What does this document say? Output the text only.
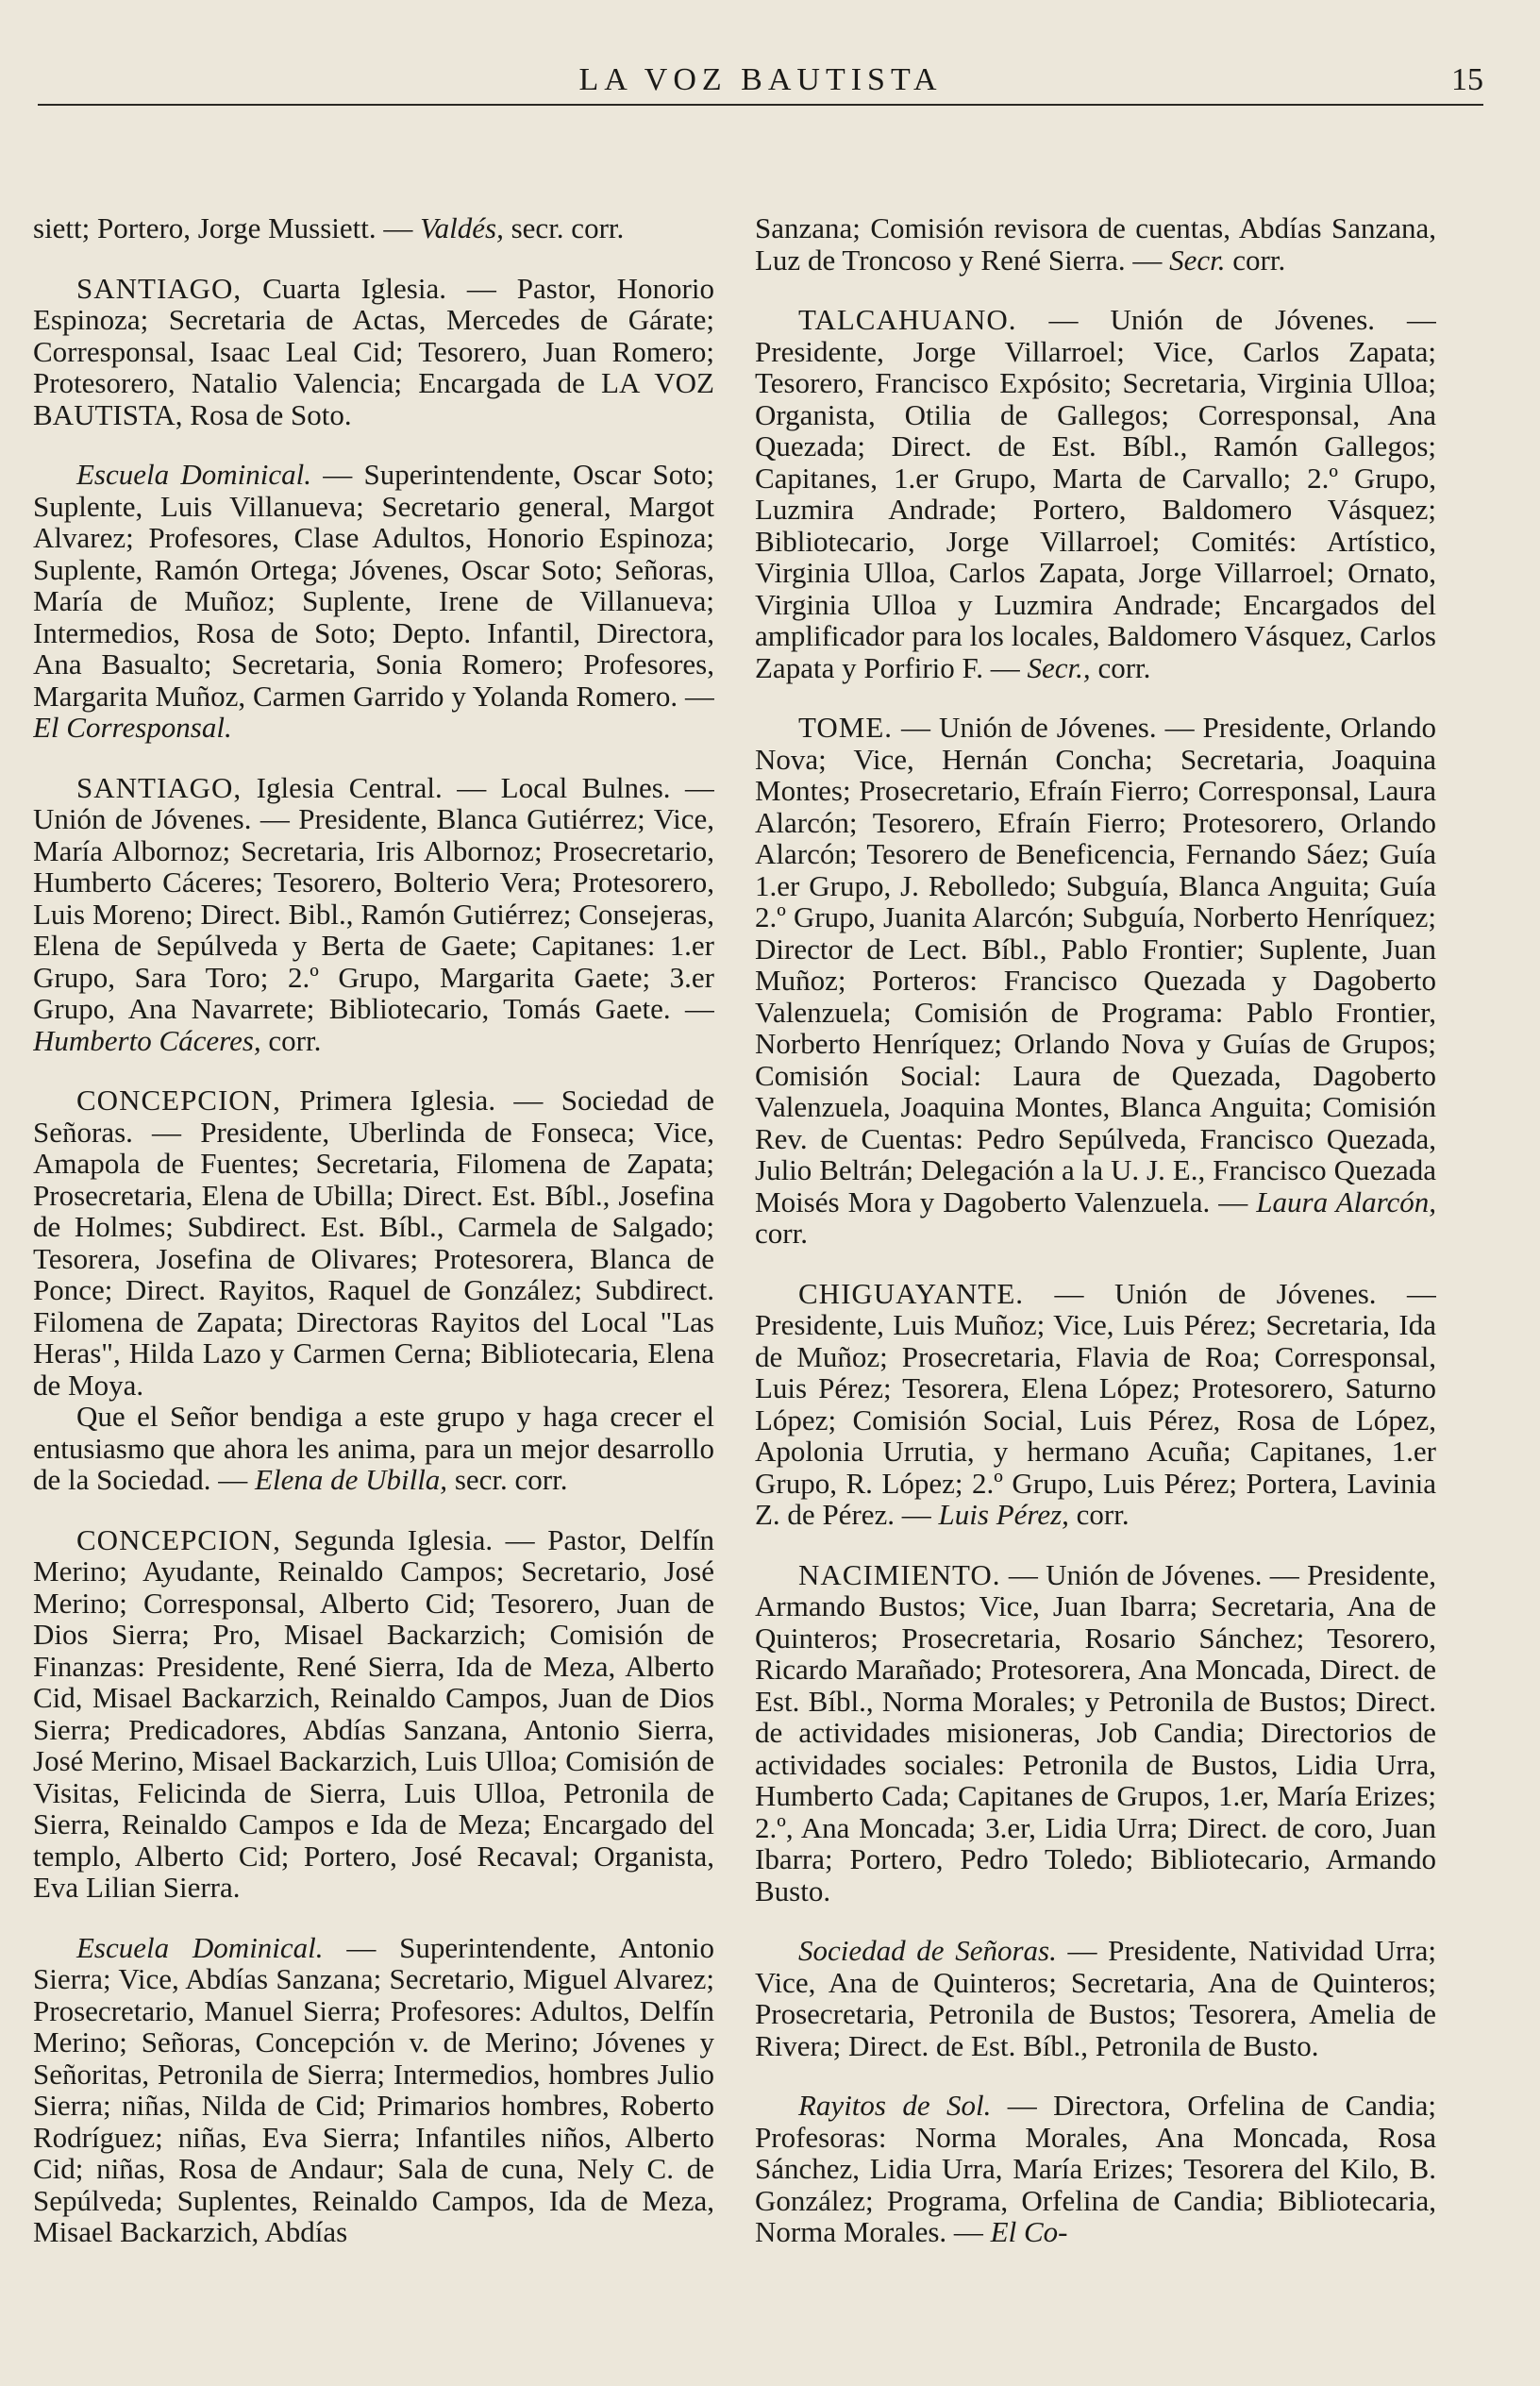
LA VOZ BAUTISTA	15

siett; Portero, Jorge Mussiett. — Valdés, secr. corr.

SANTIAGO, Cuarta Iglesia. — Pastor, Honorio Espinoza; Secretaria de Actas, Mercedes de Gárate; Corresponsal, Isaac Leal Cid; Tesorero, Juan Romero; Protesorero, Natalio Valencia; Encargada de LA VOZ BAUTISTA, Rosa de Soto.

Escuela Dominical. — Superintendente, Oscar Soto; Suplente, Luis Villanueva; Secretario general, Margot Alvarez; Profesores, Clase Adultos, Honorio Espinoza; Suplente, Ramón Ortega; Jóvenes, Oscar Soto; Señoras, María de Muñoz; Suplente, Irene de Villanueva; Intermedios, Rosa de Soto; Depto. Infantil, Directora, Ana Basualto; Secretaria, Sonia Romero; Profesores, Margarita Muñoz, Carmen Garrido y Yolanda Romero. — El Corresponsal.

SANTIAGO, Iglesia Central. — Local Bulnes. — Unión de Jóvenes. — Presidente, Blanca Gutiérrez; Vice, María Albornoz; Secretaria, Iris Albornoz; Prosecretario, Humberto Cáceres; Tesorero, Bolterio Vera; Protesorero, Luis Moreno; Direct. Bibl., Ramón Gutiérrez; Consejeras, Elena de Sepúlveda y Berta de Gaete; Capitanes: 1.er Grupo, Sara Toro; 2.º Grupo, Margarita Gaete; 3.er Grupo, Ana Navarrete; Bibliotecario, Tomás Gaete. — Humberto Cáceres, corr.

CONCEPCION, Primera Iglesia. — Sociedad de Señoras. — Presidente, Uberlinda de Fonseca; Vice, Amapola de Fuentes; Secretaria, Filomena de Zapata; Prosecretaria, Elena de Ubilla; Direct. Est. Bíbl., Josefina de Holmes; Subdirect. Est. Bíbl., Carmela de Salgado; Tesorera, Josefina de Olivares; Protesorera, Blanca de Ponce; Direct. Rayitos, Raquel de González; Subdirect. Filomena de Zapata; Directoras Rayitos del Local "Las Heras", Hilda Lazo y Carmen Cerna; Bibliotecaria, Elena de Moya.

Que el Señor bendiga a este grupo y haga crecer el entusiasmo que ahora les anima, para un mejor desarrollo de la Sociedad. — Elena de Ubilla, secr. corr.

CONCEPCION, Segunda Iglesia. — Pastor, Delfín Merino; Ayudante, Reinaldo Campos; Secretario, José Merino; Corresponsal, Alberto Cid; Tesorero, Juan de Dios Sierra; Pro, Misael Backarzich; Comisión de Finanzas: Presidente, René Sierra, Ida de Meza, Alberto Cid, Misael Backarzich, Reinaldo Campos, Juan de Dios Sierra; Predicadores, Abdías Sanzana, Antonio Sierra, José Merino, Misael Backarzich, Luis Ulloa; Comisión de Visitas, Felicinda de Sierra, Luis Ulloa, Petronila de Sierra, Reinaldo Campos e Ida de Meza; Encargado del templo, Alberto Cid; Portero, José Recaval; Organista, Eva Lilian Sierra.

Escuela Dominical. — Superintendente, Antonio Sierra; Vice, Abdías Sanzana; Secretario, Miguel Alvarez; Prosecretario, Manuel Sierra; Profesores: Adultos, Delfín Merino; Señoras, Concepción v. de Merino; Jóvenes y Señoritas, Petronila de Sierra; Intermedios, hombres Julio Sierra; niñas, Nilda de Cid; Primarios hombres, Roberto Rodríguez; niñas, Eva Sierra; Infantiles niños, Alberto Cid; niñas, Rosa de Andaur; Sala de cuna, Nely C. de Sepúlveda; Suplentes, Reinaldo Campos, Ida de Meza, Misael Backarzich, Abdías

Sanzana; Comisión revisora de cuentas, Abdías Sanzana, Luz de Troncoso y René Sierra. — Secr. corr.

TALCAHUANO. — Unión de Jóvenes. — Presidente, Jorge Villarroel; Vice, Carlos Zapata; Tesorero, Francisco Expósito; Secretaria, Virginia Ulloa; Organista, Otilia de Gallegos; Corresponsal, Ana Quezada; Direct. de Est. Bíbl., Ramón Gallegos; Capitanes, 1.er Grupo, Marta de Carvallo; 2.º Grupo, Luzmira Andrade; Portero, Baldomero Vásquez; Bibliotecario, Jorge Villarroel; Comités: Artístico, Virginia Ulloa, Carlos Zapata, Jorge Villarroel; Ornato, Virginia Ulloa y Luzmira Andrade; Encargados del amplificador para los locales, Baldomero Vásquez, Carlos Zapata y Porfirio F. — Secr., corr.

TOME. — Unión de Jóvenes. — Presidente, Orlando Nova; Vice, Hernán Concha; Secretaria, Joaquina Montes; Prosecretario, Efraín Fierro; Corresponsal, Laura Alarcón; Tesorero, Efraín Fierro; Protesorero, Orlando Alarcón; Tesorero de Beneficencia, Fernando Sáez; Guía 1.er Grupo, J. Rebolledo; Subguía, Blanca Anguita; Guía 2.º Grupo, Juanita Alarcón; Subguía, Norberto Henríquez; Director de Lect. Bíbl., Pablo Frontier; Suplente, Juan Muñoz; Porteros: Francisco Quezada y Dagoberto Valenzuela; Comisión de Programa: Pablo Frontier, Norberto Henríquez; Orlando Nova y Guías de Grupos; Comisión Social: Laura de Quezada, Dagoberto Valenzuela, Joaquina Montes, Blanca Anguita; Comisión Rev. de Cuentas: Pedro Sepúlveda, Francisco Quezada, Julio Beltrán; Delegación a la U. J. E., Francisco Quezada Moisés Mora y Dagoberto Valenzuela. — Laura Alarcón, corr.

CHIGUAYANTE. — Unión de Jóvenes. — Presidente, Luis Muñoz; Vice, Luis Pérez; Secretaria, Ida de Muñoz; Prosecretaria, Flavia de Roa; Corresponsal, Luis Pérez; Tesorera, Elena López; Protesorero, Saturno López; Comisión Social, Luis Pérez, Rosa de López, Apolonia Urrutia, y hermano Acuña; Capitanes, 1.er Grupo, R. López; 2.º Grupo, Luis Pérez; Portera, Lavinia Z. de Pérez. — Luis Pérez, corr.

NACIMIENTO. — Unión de Jóvenes. — Presidente, Armando Bustos; Vice, Juan Ibarra; Secretaria, Ana de Quinteros; Prosecretaria, Rosario Sánchez; Tesorero, Ricardo Marañado; Protesorera, Ana Moncada, Direct. de Est. Bíbl., Norma Morales; y Petronila de Bustos; Direct. de actividades misioneras, Job Candia; Directorios de actividades sociales: Petronila de Bustos, Lidia Urra, Humberto Cada; Capitanes de Grupos, 1.er, María Erizes; 2.º, Ana Moncada; 3.er, Lidia Urra; Direct. de coro, Juan Ibarra; Portero, Pedro Toledo; Bibliotecario, Armando Busto.

Sociedad de Señoras. — Presidente, Natividad Urra; Vice, Ana de Quinteros; Secretaria, Ana de Quinteros; Prosecretaria, Petronila de Bustos; Tesorera, Amelia de Rivera; Direct. de Est. Bíbl., Petronila de Busto.

Rayitos de Sol. — Directora, Orfelina de Candia; Profesoras: Norma Morales, Ana Moncada, Rosa Sánchez, Lidia Urra, María Erizes; Tesorera del Kilo, B. González; Programa, Orfelina de Candia; Bibliotecaria, Norma Morales. — El Co-
